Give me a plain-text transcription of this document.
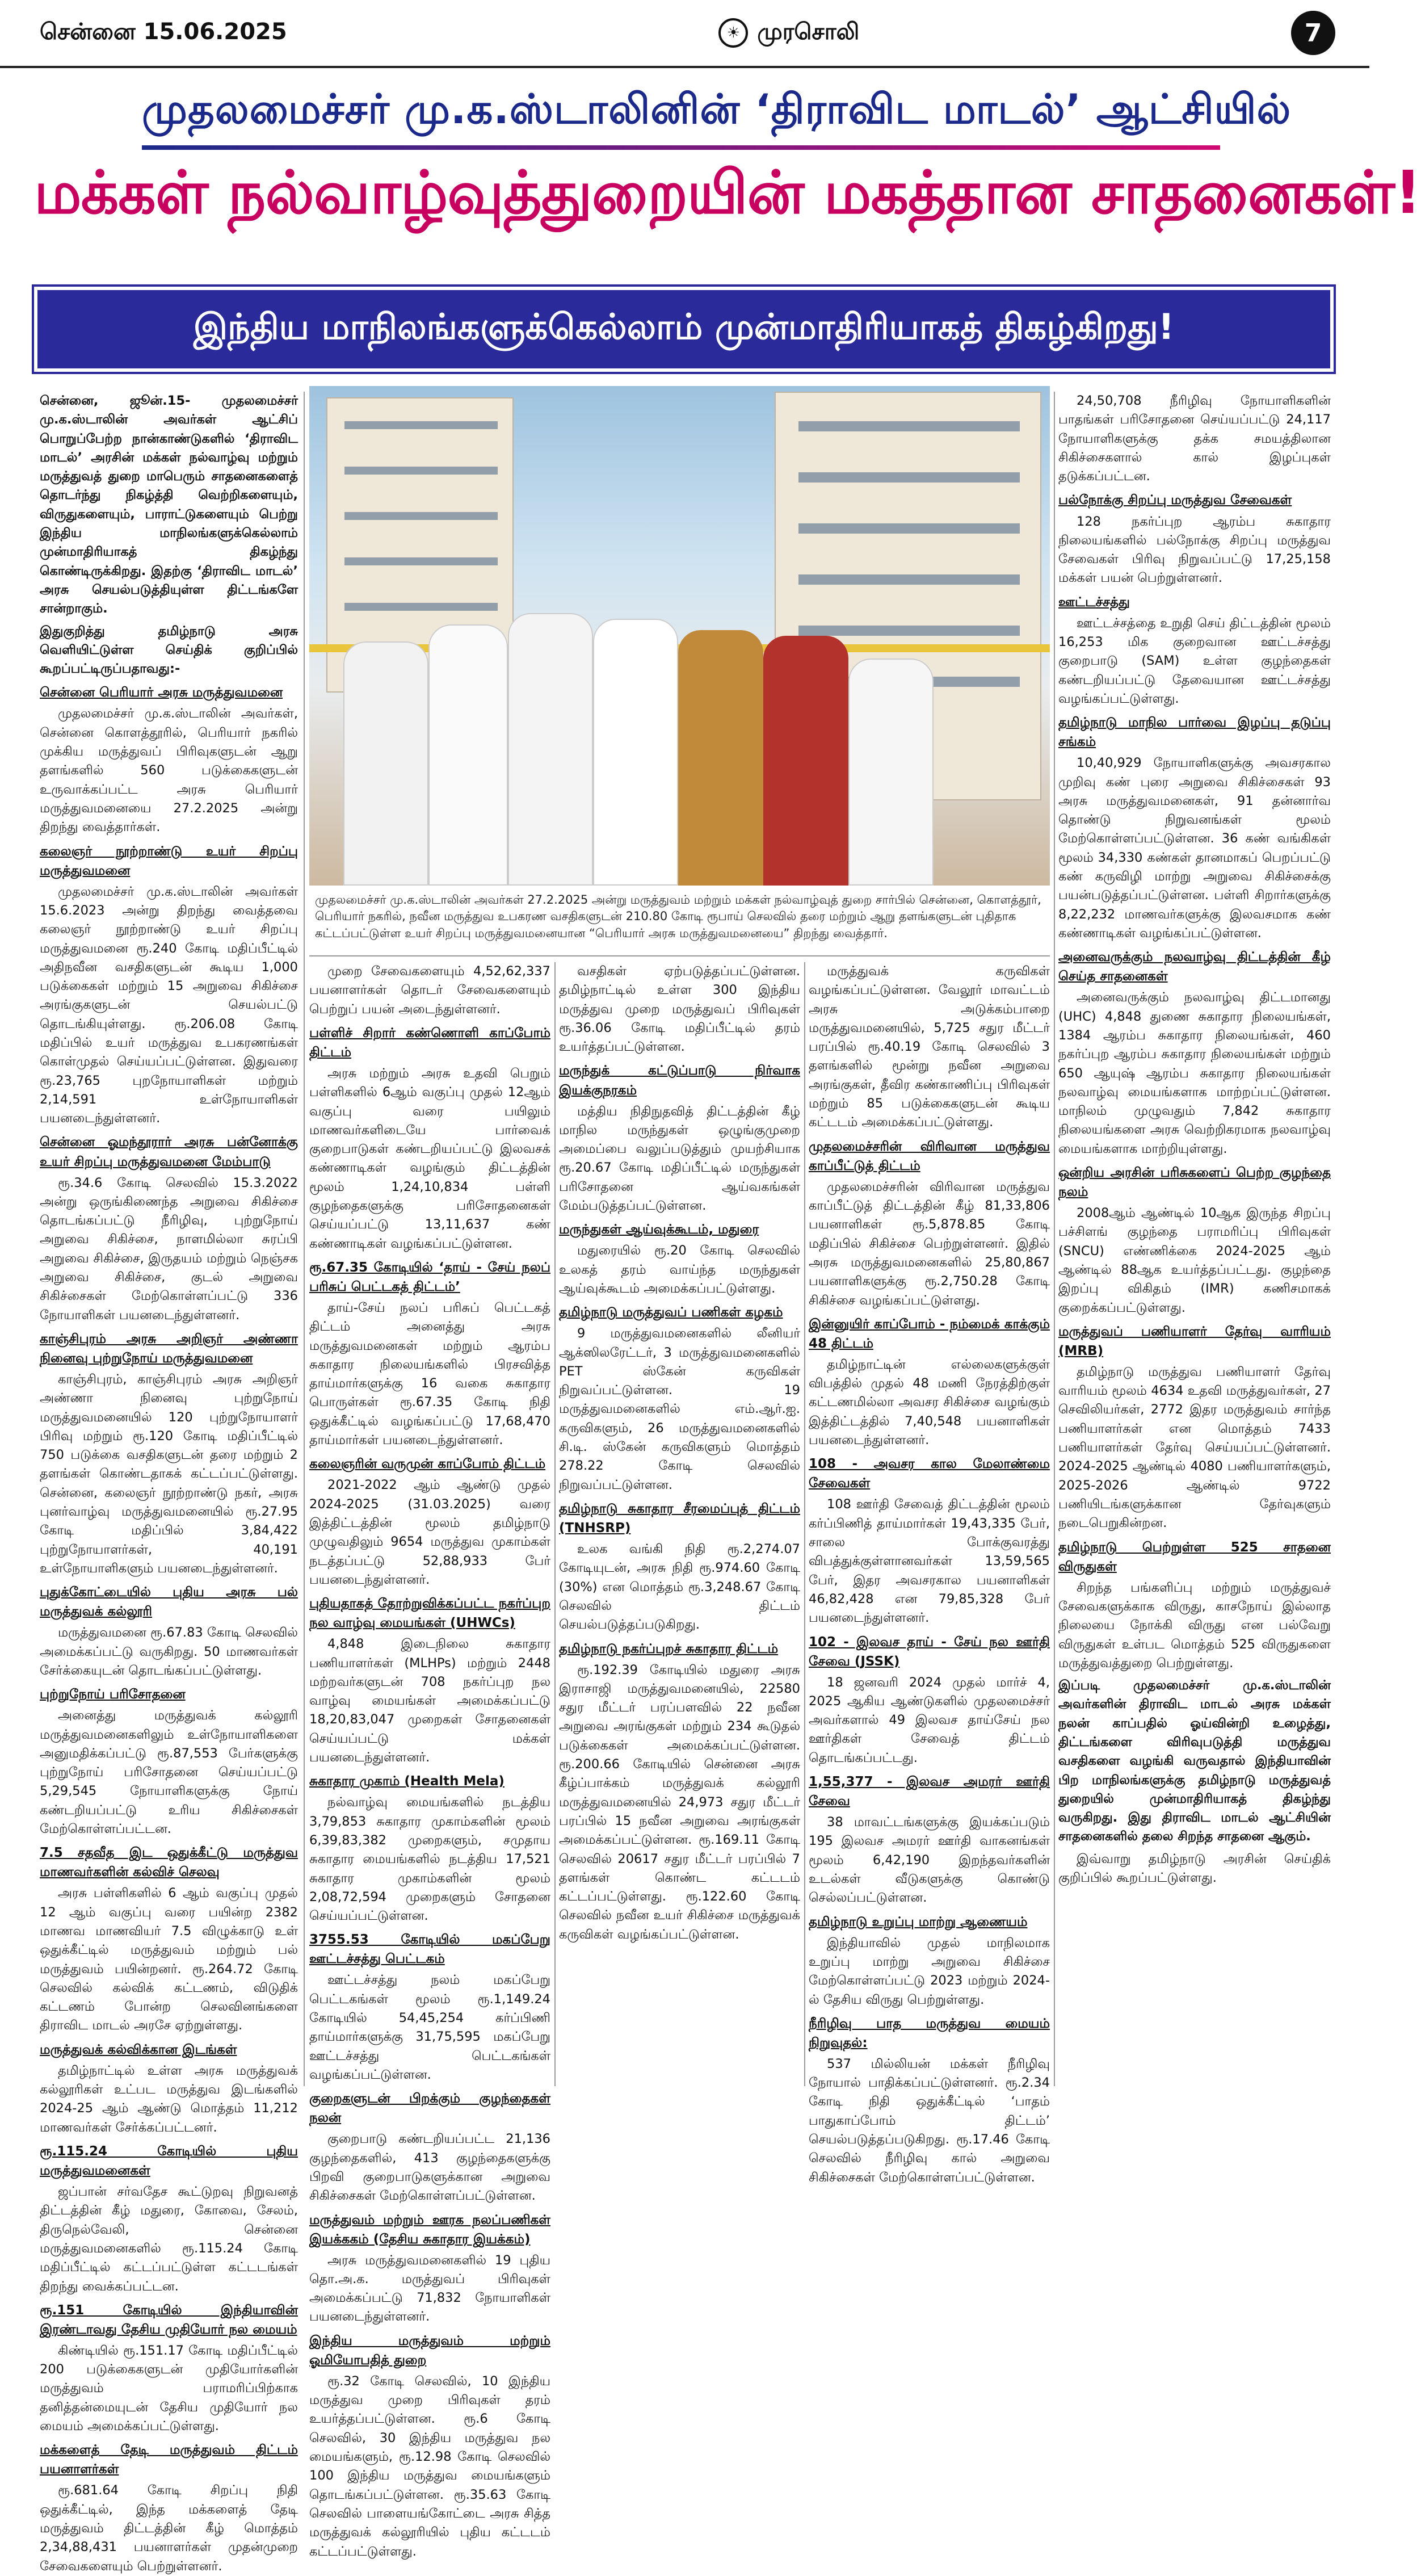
சென்னை 15.06.2025	☀ முரசொலி	7
முதலமைச்சர் மு.க.ஸ்டாலினின் ‘திராவிட மாடல்’ ஆட்சியில்
மக்கள் நல்வாழ்வுத்துறையின் மகத்தான சாதனைகள்!
இந்திய மாநிலங்களுக்கெல்லாம் முன்மாதிரியாகத் திகழ்கிறது!
முதலமைச்சர் மு.க.ஸ்டாலின் அவர்கள் 27.2.2025 அன்று மருத்துவம் மற்றும் மக்கள் நல்வாழ்வுத் துறை சார்பில் சென்னை, கொளத்தூர், பெரியார் நகரில், நவீன மருத்துவ உபகரண வசதிகளுடன் 210.80 கோடி ரூபாய் செலவில் தரை மற்றும் ஆறு தளங்களுடன் புதிதாக கட்டப்பட்டுள்ள உயர் சிறப்பு மருத்துவமனையான “பெரியார் அரசு மருத்துவமனையை” திறந்து வைத்தார்.

சென்னை, ஜூன்.15- முதலமைச்சர் மு.க.ஸ்டாலின் அவர்கள் ஆட்சிப் பொறுப்பேற்ற நான்காண்டுகளில் ‘திராவிட மாடல்’ அரசின் மக்கள் நல்வாழ்வு மற்றும் மருத்துவத் துறை மாபெரும் சாதனைகளைத் தொடர்ந்து நிகழ்த்தி வெற்றிகளையும், விருதுகளையும், பாராட்டுகளையும் பெற்று இந்திய மாநிலங்களுக்கெல்லாம் முன்மாதிரியாகத் திகழ்ந்து கொண்டிருக்கிறது. இதற்கு ‘திராவிட மாடல்’ அரசு செயல்படுத்தியுள்ள திட்டங்களே சான்றாகும்.

இதுகுறித்து தமிழ்நாடு அரசு வெளியிட்டுள்ள செய்திக் குறிப்பில் கூறப்பட்டிருப்பதாவது:-

சென்னை பெரியார் அரசு மருத்துவமனை

முதலமைச்சர் மு.க.ஸ்டாலின் அவர்கள், சென்னை கொளத்தூரில், பெரியார் நகரில் முக்கிய மருத்துவப் பிரிவுகளுடன் ஆறு தளங்களில் 560 படுக்கைகளுடன் உருவாக்கப்பட்ட அரசு பெரியார் மருத்துவமனையை 27.2.2025 அன்று திறந்து வைத்தார்கள்.

கலைஞர் நூற்றாண்டு உயர் சிறப்பு மருத்துவமனை

முதலமைச்சர் மு.க.ஸ்டாலின் அவர்கள் 15.6.2023 அன்று திறந்து வைத்தவை கலைஞர் நூற்றாண்டு உயர் சிறப்பு மருத்துவமனை ரூ.240 கோடி மதிப்பீட்டில் அதிநவீன வசதிகளுடன் கூடிய 1,000 படுக்கைகள் மற்றும் 15 அறுவை சிகிச்சை அரங்குகளுடன் செயல்பட்டு தொடங்கியுள்ளது. ரூ.206.08 கோடி மதிப்பில் உயர் மருத்துவ உபகரணங்கள் கொள்முதல் செய்யப்பட்டுள்ளன. இதுவரை ரூ.23,765 புறநோயாளிகள் மற்றும் 2,14,591 உள்நோயாளிகள் பயனடைந்துள்ளனர்.

சென்னை ஓமந்தூரார் அரசு பன்னோக்கு உயர் சிறப்பு மருத்துவமனை மேம்பாடு

ரூ.34.6 கோடி செலவில் 15.3.2022 அன்று ஒருங்கிணைந்த அறுவை சிகிச்சை தொடங்கப்பட்டு நீரிழிவு, புற்றுநோய் அறுவை சிகிச்சை, நாளமில்லா சுரப்பி அறுவை சிகிச்சை, இருதயம் மற்றும் நெஞ்சக அறுவை சிகிச்சை, குடல் அறுவை சிகிச்சைகள் மேற்கொள்ளப்பட்டு 336 நோயாளிகள் பயனடைந்துள்ளனர்.

காஞ்சிபுரம் அரசு அறிஞர் அண்ணா நினைவு புற்றுநோய் மருத்துவமனை

காஞ்சிபுரம், காஞ்சிபுரம் அரசு அறிஞர் அண்ணா நினைவு புற்றுநோய் மருத்துவமனையில் 120 புற்றுநோயாளர் பிரிவு மற்றும் ரூ.120 கோடி மதிப்பீட்டில் 750 படுக்கை வசதிகளுடன் தரை மற்றும் 2 தளங்கள் கொண்டதாகக் கட்டப்பட்டுள்ளது. சென்னை, கலைஞர் நூற்றாண்டு நகர், அரசு புனர்வாழ்வு மருத்துவமனையில் ரூ.27.95 கோடி மதிப்பில் 3,84,422 புற்றுநோயாளர்கள், 40,191 உள்நோயாளிகளும் பயனடைந்துள்ளனர்.

புதுக்கோட்டையில் புதிய அரசு பல் மருத்துவக் கல்லூரி

மருத்துவமனை ரூ.67.83 கோடி செலவில் அமைக்கப்பட்டு வருகிறது. 50 மாணவர்கள் சேர்க்கையுடன் தொடங்கப்பட்டுள்ளது.

புற்றுநோய் பரிசோதனை

அனைத்து மருத்துவக் கல்லூரி மருத்துவமனைகளிலும் உள்நோயாளிகளை அனுமதிக்கப்பட்டு ரூ.87,553 பேர்களுக்கு புற்றுநோய் பரிசோதனை செய்யப்பட்டு 5,29,545 நோயாளிகளுக்கு நோய் கண்டறியப்பட்டு உரிய சிகிச்சைகள் மேற்கொள்ளப்பட்டன.

7.5 சதவீத இட ஒதுக்கீட்டு மருத்துவ மாணவர்களின் கல்விச் செலவு

அரசு பள்ளிகளில் 6 ஆம் வகுப்பு முதல் 12 ஆம் வகுப்பு வரை பயின்ற 2382 மாணவ மாணவியர் 7.5 விழுக்காடு உள் ஒதுக்கீட்டில் மருத்துவம் மற்றும் பல் மருத்துவம் பயின்றனர். ரூ.264.72 கோடி செலவில் கல்விக் கட்டணம், விடுதிக் கட்டணம் போன்ற செலவினங்களை திராவிட மாடல் அரசே ஏற்றுள்ளது.

மருத்துவக் கல்விக்கான இடங்கள்

தமிழ்நாட்டில் உள்ள அரசு மருத்துவக் கல்லூரிகள் உட்பட மருத்துவ இடங்களில் 2024-25 ஆம் ஆண்டு மொத்தம் 11,212 மாணவர்கள் சேர்க்கப்பட்டனர்.

ரூ.115.24 கோடியில் புதிய மருத்துவமனைகள்

ஜப்பான் சர்வதேச கூட்டுறவு நிறுவனத் திட்டத்தின் கீழ் மதுரை, கோவை, சேலம், திருநெல்வேலி, சென்னை மருத்துவமனைகளில் ரூ.115.24 கோடி மதிப்பீட்டில் கட்டப்பட்டுள்ள கட்டடங்கள் திறந்து வைக்கப்பட்டன.

ரூ.151 கோடியில் இந்தியாவின் இரண்டாவது தேசிய முதியோர் நல மையம்

கிண்டியில் ரூ.151.17 கோடி மதிப்பீட்டில் 200 படுக்கைகளுடன் முதியோர்களின் மருத்துவம் பராமரிப்பிற்காக தனித்தன்மையுடன் தேசிய முதியோர் நல மையம் அமைக்கப்பட்டுள்ளது.

மக்களைத் தேடி மருத்துவம் திட்டம் பயனாளர்கள்

ரூ.681.64 கோடி சிறப்பு நிதி ஒதுக்கீட்டில், இந்த மக்களைத் தேடி மருத்துவம் திட்டத்தின் கீழ் மொத்தம் 2,34,88,431 பயனாளர்கள் முதன்முறை சேவைகளையும் பெற்றுள்ளனர்.

முறை சேவைகளையும் 4,52,62,337 பயனாளர்கள் தொடர் சேவைகளையும் பெற்றுப் பயன் அடைந்துள்ளனர்.

பள்ளிச் சிறார் கண்ணொளி காப்போம் திட்டம்

அரசு மற்றும் அரசு உதவி பெறும் பள்ளிகளில் 6ஆம் வகுப்பு முதல் 12ஆம் வகுப்பு வரை பயிலும் மாணவர்களிடையே பார்வைக் குறைபாடுகள் கண்டறியப்பட்டு இலவசக் கண்ணாடிகள் வழங்கும் திட்டத்தின் மூலம் 1,24,10,834 பள்ளி குழந்தைகளுக்கு பரிசோதனைகள் செய்யப்பட்டு 13,11,637 கண் கண்ணாடிகள் வழங்கப்பட்டுள்ளன.

ரூ.67.35 கோடியில் ‘தாய் - சேய் நலப் பரிசுப் பெட்டகத் திட்டம்’

தாய்-சேய் நலப் பரிசுப் பெட்டகத் திட்டம் அனைத்து அரசு மருத்துவமனைகள் மற்றும் ஆரம்ப சுகாதார நிலையங்களில் பிரசவித்த தாய்மார்களுக்கு 16 வகை சுகாதார பொருள்கள் ரூ.67.35 கோடி நிதி ஒதுக்கீட்டில் வழங்கப்பட்டு 17,68,470 தாய்மார்கள் பயனடைந்துள்ளனர்.

கலைஞரின் வருமுன் காப்போம் திட்டம்

2021-2022 ஆம் ஆண்டு முதல் 2024-2025 (31.03.2025) வரை இத்திட்டத்தின் மூலம் தமிழ்நாடு முழுவதிலும் 9654 மருத்துவ முகாம்கள் நடத்தப்பட்டு 52,88,933 பேர் பயனடைந்துள்ளனர்.

புதியதாகத் தோற்றுவிக்கப்பட்ட நகர்ப்புற நல வாழ்வு மையங்கள் (UHWCs)

4,848 இடைநிலை சுகாதார பணியாளர்கள் (MLHPs) மற்றும் 2448 மற்றவர்களுடன் 708 நகர்ப்புற நல வாழ்வு மையங்கள் அமைக்கப்பட்டு 18,20,83,047 முறைகள் சோதனைகள் செய்யப்பட்டு மக்கள் பயனடைந்துள்ளனர்.

சுகாதார முகாம் (Health Mela)

நல்வாழ்வு மையங்களில் நடத்திய 3,79,853 சுகாதார முகாம்களின் மூலம் 6,39,83,382 முறைகளும், சமுதாய சுகாதார மையங்களில் நடத்திய 17,521 சுகாதார முகாம்களின் மூலம் 2,08,72,594 முறைகளும் சோதனை செய்யப்பட்டுள்ளன.

3755.53 கோடியில் மகப்பேறு ஊட்டச்சத்து பெட்டகம்

ஊட்டச்சத்து நலம் மகப்பேறு பெட்டகங்கள் மூலம் ரூ.1,149.24 கோடியில் 54,45,254 கர்ப்பிணி தாய்மார்களுக்கு 31,75,595 மகப்பேறு ஊட்டச்சத்து பெட்டகங்கள் வழங்கப்பட்டுள்ளன.

குறைகளுடன் பிறக்கும் குழந்தைகள் நலன்

குறைபாடு கண்டறியப்பட்ட 21,136 குழந்தைகளில், 413 குழந்தைகளுக்கு பிறவி குறைபாடுகளுக்கான அறுவை சிகிச்சைகள் மேற்கொள்ளப்பட்டுள்ளன.

மருத்துவம் மற்றும் ஊரக நலப்பணிகள் இயக்ககம் (தேசிய சுகாதார இயக்கம்)

அரசு மருத்துவமனைகளில் 19 புதிய தொ.அ.க. மருத்துவப் பிரிவுகள் அமைக்கப்பட்டு 71,832 நோயாளிகள் பயனடைந்துள்ளனர்.

இந்திய மருத்துவம் மற்றும் ஓமியோபதித் துறை

ரூ.32 கோடி செலவில், 10 இந்திய மருத்துவ முறை பிரிவுகள் தரம் உயர்த்தப்பட்டுள்ளன. ரூ.6 கோடி செலவில், 30 இந்திய மருத்துவ நல மையங்களும், ரூ.12.98 கோடி செலவில் 100 இந்திய மருத்துவ மையங்களும் தொடங்கப்பட்டுள்ளன. ரூ.35.63 கோடி செலவில் பாளையங்கோட்டை அரசு சித்த மருத்துவக் கல்லூரியில் புதிய கட்டடம் கட்டப்பட்டுள்ளது.

வசதிகள் ஏற்படுத்தப்பட்டுள்ளன. தமிழ்நாட்டில் உள்ள 300 இந்திய மருத்துவ முறை மருத்துவப் பிரிவுகள் ரூ.36.06 கோடி மதிப்பீட்டில் தரம் உயர்த்தப்பட்டுள்ளன.

மருந்துக் கட்டுப்பாடு நிர்வாக இயக்குநரகம்

மத்திய நிதிநுதவித் திட்டத்தின் கீழ் மாநில மருந்துகள் ஒழுங்குமுறை அமைப்பை வலுப்படுத்தும் முயற்சியாக ரூ.20.67 கோடி மதிப்பீட்டில் மருந்துகள் பரிசோதனை ஆய்வகங்கள் மேம்படுத்தப்பட்டுள்ளன.

மருந்துகள் ஆய்வுக்கூடம், மதுரை

மதுரையில் ரூ.20 கோடி செலவில் உலகத் தரம் வாய்ந்த மருந்துகள் ஆய்வுக்கூடம் அமைக்கப்பட்டுள்ளது.

தமிழ்நாடு மருத்துவப் பணிகள் கழகம்

9 மருத்துவமனைகளில் லீனியர் ஆக்ஸிலரேட்டர், 3 மருத்துவமனைகளில் PET ஸ்கேன் கருவிகள் நிறுவப்பட்டுள்ளன. 19 மருத்துவமனைகளில் எம்.ஆர்.ஐ. கருவிகளும், 26 மருத்துவமனைகளில் சி.டி. ஸ்கேன் கருவிகளும் மொத்தம் 278.22 கோடி செலவில் நிறுவப்பட்டுள்ளன.

தமிழ்நாடு சுகாதார சீரமைப்புத் திட்டம் (TNHSRP)

உலக வங்கி நிதி ரூ.2,274.07 கோடியுடன், அரசு நிதி ரூ.974.60 கோடி (30%) என மொத்தம் ரூ.3,248.67 கோடி செலவில் திட்டம் செயல்படுத்தப்படுகிறது.

தமிழ்நாடு நகர்ப்புறச் சுகாதார திட்டம்

ரூ.192.39 கோடியில் மதுரை அரசு இராசாஜி மருத்துவமனையில், 22580 சதுர மீட்டர் பரப்பளவில் 22 நவீன அறுவை அரங்குகள் மற்றும் 234 கூடுதல் படுக்கைகள் அமைக்கப்பட்டுள்ளன. ரூ.200.66 கோடியில் சென்னை அரசு கீழ்ப்பாக்கம் மருத்துவக் கல்லூரி மருத்துவமனையில் 24,973 சதுர மீட்டர் பரப்பில் 15 நவீன அறுவை அரங்குகள் அமைக்கப்பட்டுள்ளன. ரூ.169.11 கோடி செலவில் 20617 சதுர மீட்டர் பரப்பில் 7 தளங்கள் கொண்ட கட்டடம் கட்டப்பட்டுள்ளது. ரூ.122.60 கோடி செலவில் நவீன உயர் சிகிச்சை மருத்துவக் கருவிகள் வழங்கப்பட்டுள்ளன.

மருத்துவக் கருவிகள் வழங்கப்பட்டுள்ளன. வேலூர் மாவட்டம் அரசு அடுக்கம்பாறை மருத்துவமனையில், 5,725 சதுர மீட்டர் பரப்பில் ரூ.40.19 கோடி செலவில் 3 தளங்களில் மூன்று நவீன அறுவை அரங்குகள், தீவிர கண்காணிப்பு பிரிவுகள் மற்றும் 85 படுக்கைகளுடன் கூடிய கட்டடம் அமைக்கப்பட்டுள்ளது.

முதலமைச்சரின் விரிவான மருத்துவ காப்பீட்டுத் திட்டம்

முதலமைச்சரின் விரிவான மருத்துவ காப்பீட்டுத் திட்டத்தின் கீழ் 81,33,806 பயனாளிகள் ரூ.5,878.85 கோடி மதிப்பில் சிகிச்சை பெற்றுள்ளனர். இதில் அரசு மருத்துவமனைகளில் 25,80,867 பயனாளிகளுக்கு ரூ.2,750.28 கோடி சிகிச்சை வழங்கப்பட்டுள்ளது.

இன்னுயிர் காப்போம் - நம்மைக் காக்கும் 48 திட்டம்

தமிழ்நாட்டின் எல்லைகளுக்குள் விபத்தில் முதல் 48 மணி நேரத்திற்குள் கட்டணமில்லா அவசர சிகிச்சை வழங்கும் இத்திட்டத்தில் 7,40,548 பயனாளிகள் பயனடைந்துள்ளனர்.

108 - அவசர கால மேலாண்மை சேவைகள்

108 ஊர்தி சேவைத் திட்டத்தின் மூலம் கர்ப்பிணித் தாய்மார்கள் 19,43,335 பேர், சாலை போக்குவரத்து விபத்துக்குள்ளானவர்கள் 13,59,565 பேர், இதர அவசரகால பயனாளிகள் 46,82,428 என 79,85,328 பேர் பயனடைந்துள்ளனர்.

102 - இலவச தாய் - சேய் நல ஊர்தி சேவை (JSSK)

18 ஜனவரி 2024 முதல் மார்ச் 4, 2025 ஆகிய ஆண்டுகளில் முதலமைச்சர் அவர்களால் 49 இலவச தாய்சேய் நல ஊர்திகள் சேவைத் திட்டம் தொடங்கப்பட்டது.

1,55,377 - இலவச அமரர் ஊர்தி சேவை

38 மாவட்டங்களுக்கு இயக்கப்படும் 195 இலவச அமரர் ஊர்தி வாகனங்கள் மூலம் 6,42,190 இறந்தவர்களின் உடல்கள் வீடுகளுக்கு கொண்டு செல்லப்பட்டுள்ளன.

தமிழ்நாடு உறுப்பு மாற்று ஆணையம்

இந்தியாவில் முதல் மாநிலமாக உறுப்பு மாற்று அறுவை சிகிச்சை மேற்கொள்ளப்பட்டு 2023 மற்றும் 2024-ல் தேசிய விருது பெற்றுள்ளது.

நீரிழிவு பாத மருத்துவ மையம் நிறுவுதல்:

537 மில்லியன் மக்கள் நீரிழிவு நோயால் பாதிக்கப்பட்டுள்ளனர். ரூ.2.34 கோடி நிதி ஒதுக்கீட்டில் ‘பாதம் பாதுகாப்போம் திட்டம்’ செயல்படுத்தப்படுகிறது. ரூ.17.46 கோடி செலவில் நீரிழிவு கால் அறுவை சிகிச்சைகள் மேற்கொள்ளப்பட்டுள்ளன.

24,50,708 நீரிழிவு நோயாளிகளின் பாதங்கள் பரிசோதனை செய்யப்பட்டு 24,117 நோயாளிகளுக்கு தக்க சமயத்திலான சிகிச்சைகளால் கால் இழப்புகள் தடுக்கப்பட்டன.

பல்நோக்கு சிறப்பு மருத்துவ சேவைகள்

128 நகர்ப்புற ஆரம்ப சுகாதார நிலையங்களில் பல்நோக்கு சிறப்பு மருத்துவ சேவைகள் பிரிவு நிறுவப்பட்டு 17,25,158 மக்கள் பயன் பெற்றுள்ளனர்.

ஊட்டச்சத்து

ஊட்டச்சத்தை உறுதி செய் திட்டத்தின் மூலம் 16,253 மிக குறைவான ஊட்டச்சத்து குறைபாடு (SAM) உள்ள குழந்தைகள் கண்டறியப்பட்டு தேவையான ஊட்டச்சத்து வழங்கப்பட்டுள்ளது.

தமிழ்நாடு மாநில பார்வை இழப்பு தடுப்பு சங்கம்

10,40,929 நோயாளிகளுக்கு அவசரகால முறிவு கண் புரை அறுவை சிகிச்சைகள் 93 அரசு மருத்துவமனைகள், 91 தன்னார்வ தொண்டு நிறுவனங்கள் மூலம் மேற்கொள்ளப்பட்டுள்ளன. 36 கண் வங்கிகள் மூலம் 34,330 கண்கள் தானமாகப் பெறப்பட்டு கண் கருவிழி மாற்று அறுவை சிகிச்சைக்கு பயன்படுத்தப்பட்டுள்ளன. பள்ளி சிறார்களுக்கு 8,22,232 மாணவர்களுக்கு இலவசமாக கண் கண்ணாடிகள் வழங்கப்பட்டுள்ளன.

அனைவருக்கும் நலவாழ்வு திட்டத்தின் கீழ் செய்த சாதனைகள்

அனைவருக்கும் நலவாழ்வு திட்டமானது (UHC) 4,848 துணை சுகாதார நிலையங்கள், 1384 ஆரம்ப சுகாதார நிலையங்கள், 460 நகர்ப்புற ஆரம்ப சுகாதார நிலையங்கள் மற்றும் 650 ஆயுஷ் ஆரம்ப சுகாதார நிலையங்கள் நலவாழ்வு மையங்களாக மாற்றப்பட்டுள்ளன. மாநிலம் முழுவதும் 7,842 சுகாதார நிலையங்களை அரசு வெற்றிகரமாக நலவாழ்வு மையங்களாக மாற்றியுள்ளது.

ஒன்றிய அரசின் பரிசுகளைப் பெற்ற குழந்தை நலம்

2008ஆம் ஆண்டில் 10ஆக இருந்த சிறப்பு பச்சிளங் குழந்தை பராமரிப்பு பிரிவுகள் (SNCU) எண்ணிக்கை 2024-2025 ஆம் ஆண்டில் 88ஆக உயர்த்தப்பட்டது. குழந்தை இறப்பு விகிதம் (IMR) கணிசமாகக் குறைக்கப்பட்டுள்ளது.

மருத்துவப் பணியாளர் தேர்வு வாரியம் (MRB)

தமிழ்நாடு மருத்துவ பணியாளர் தேர்வு வாரியம் மூலம் 4634 உதவி மருத்துவர்கள், 27 செவிலியர்கள், 2772 இதர மருத்துவம் சார்ந்த பணியாளர்கள் என மொத்தம் 7433 பணியாளர்கள் தேர்வு செய்யப்பட்டுள்ளனர். 2024-2025 ஆண்டில் 4080 பணியாளர்களும், 2025-2026 ஆண்டில் 9722 பணியிடங்களுக்கான தேர்வுகளும் நடைபெறுகின்றன.

தமிழ்நாடு பெற்றுள்ள 525 சாதனை விருதுகள்

சிறந்த பங்களிப்பு மற்றும் மருத்துவச் சேவைகளுக்காக விருது, காசநோய் இல்லாத நிலையை நோக்கி விருது என பல்வேறு விருதுகள் உள்பட மொத்தம் 525 விருதுகளை மருத்துவத்துறை பெற்றுள்ளது.

இப்படி முதலமைச்சர் மு.க.ஸ்டாலின் அவர்களின் திராவிட மாடல் அரசு மக்கள் நலன் காப்பதில் ஓய்வின்றி உழைத்து, திட்டங்களை விரிவுபடுத்தி மருத்துவ வசதிகளை வழங்கி வருவதால் இந்தியாவின் பிற மாநிலங்களுக்கு தமிழ்நாடு மருத்துவத் துறையில் முன்மாதிரியாகத் திகழ்ந்து வருகிறது. இது திராவிட மாடல் ஆட்சியின் சாதனைகளில் தலை சிறந்த சாதனை ஆகும்.

இவ்வாறு தமிழ்நாடு அரசின் செய்திக் குறிப்பில் கூறப்பட்டுள்ளது.
